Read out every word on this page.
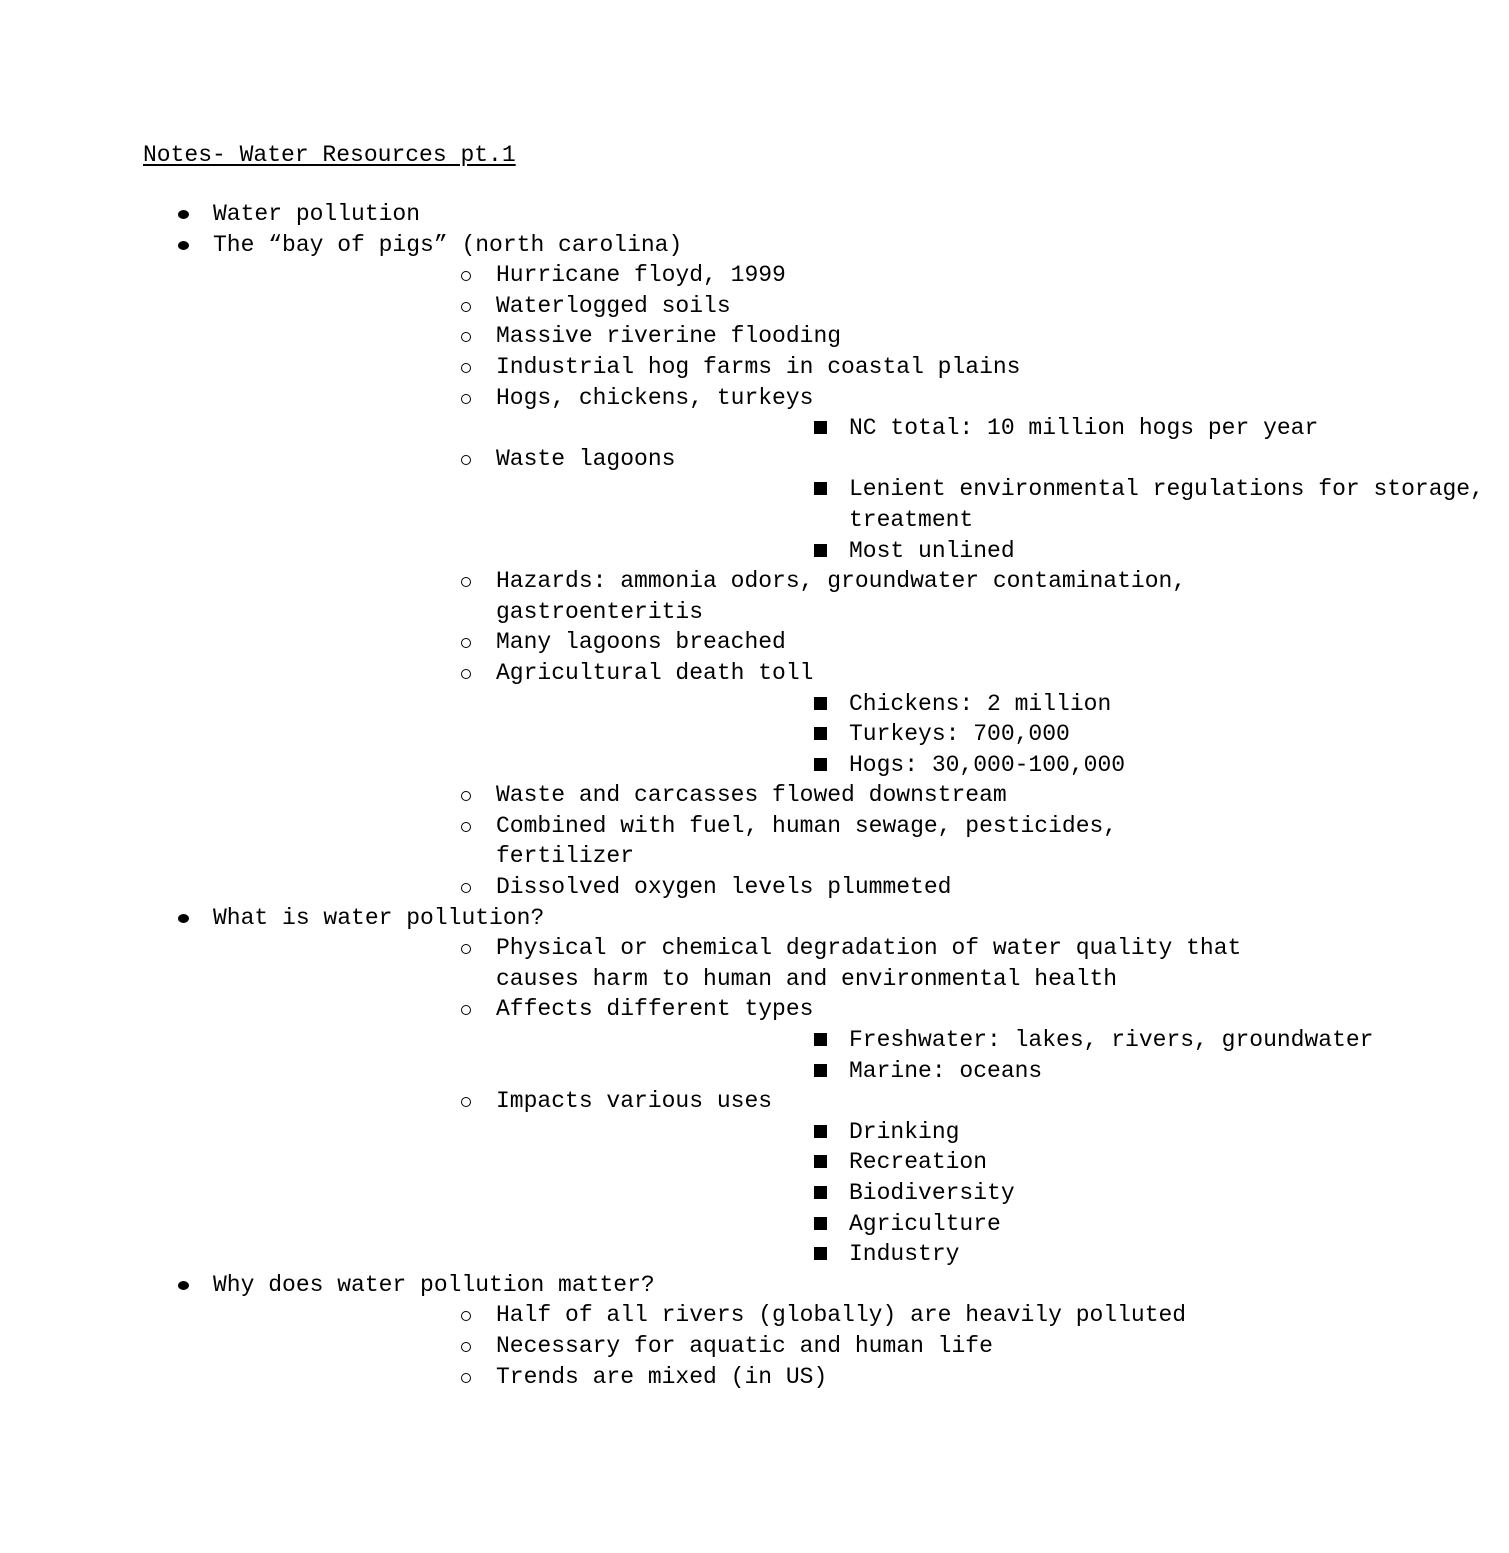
Notes- Water Resources pt.1
Water pollution
The “bay of pigs” (north carolina)
Hurricane floyd, 1999
Waterlogged soils
Massive riverine flooding
Industrial hog farms in coastal plains
Hogs, chickens, turkeys
NC total: 10 million hogs per year
Waste lagoons
Lenient environmental regulations for storage, treatment
Most unlined
Hazards: ammonia odors, groundwater contamination, gastroenteritis
Many lagoons breached
Agricultural death toll
Chickens: 2 million
Turkeys: 700,000
Hogs: 30,000-100,000
Waste and carcasses flowed downstream
Combined with fuel, human sewage, pesticides, fertilizer
Dissolved oxygen levels plummeted
What is water pollution?
Physical or chemical degradation of water quality that causes harm to human and environmental health
Affects different types
Freshwater: lakes, rivers, groundwater
Marine: oceans
Impacts various uses
Drinking
Recreation
Biodiversity
Agriculture
Industry
Why does water pollution matter?
Half of all rivers (globally) are heavily polluted
Necessary for aquatic and human life
Trends are mixed (in US)
